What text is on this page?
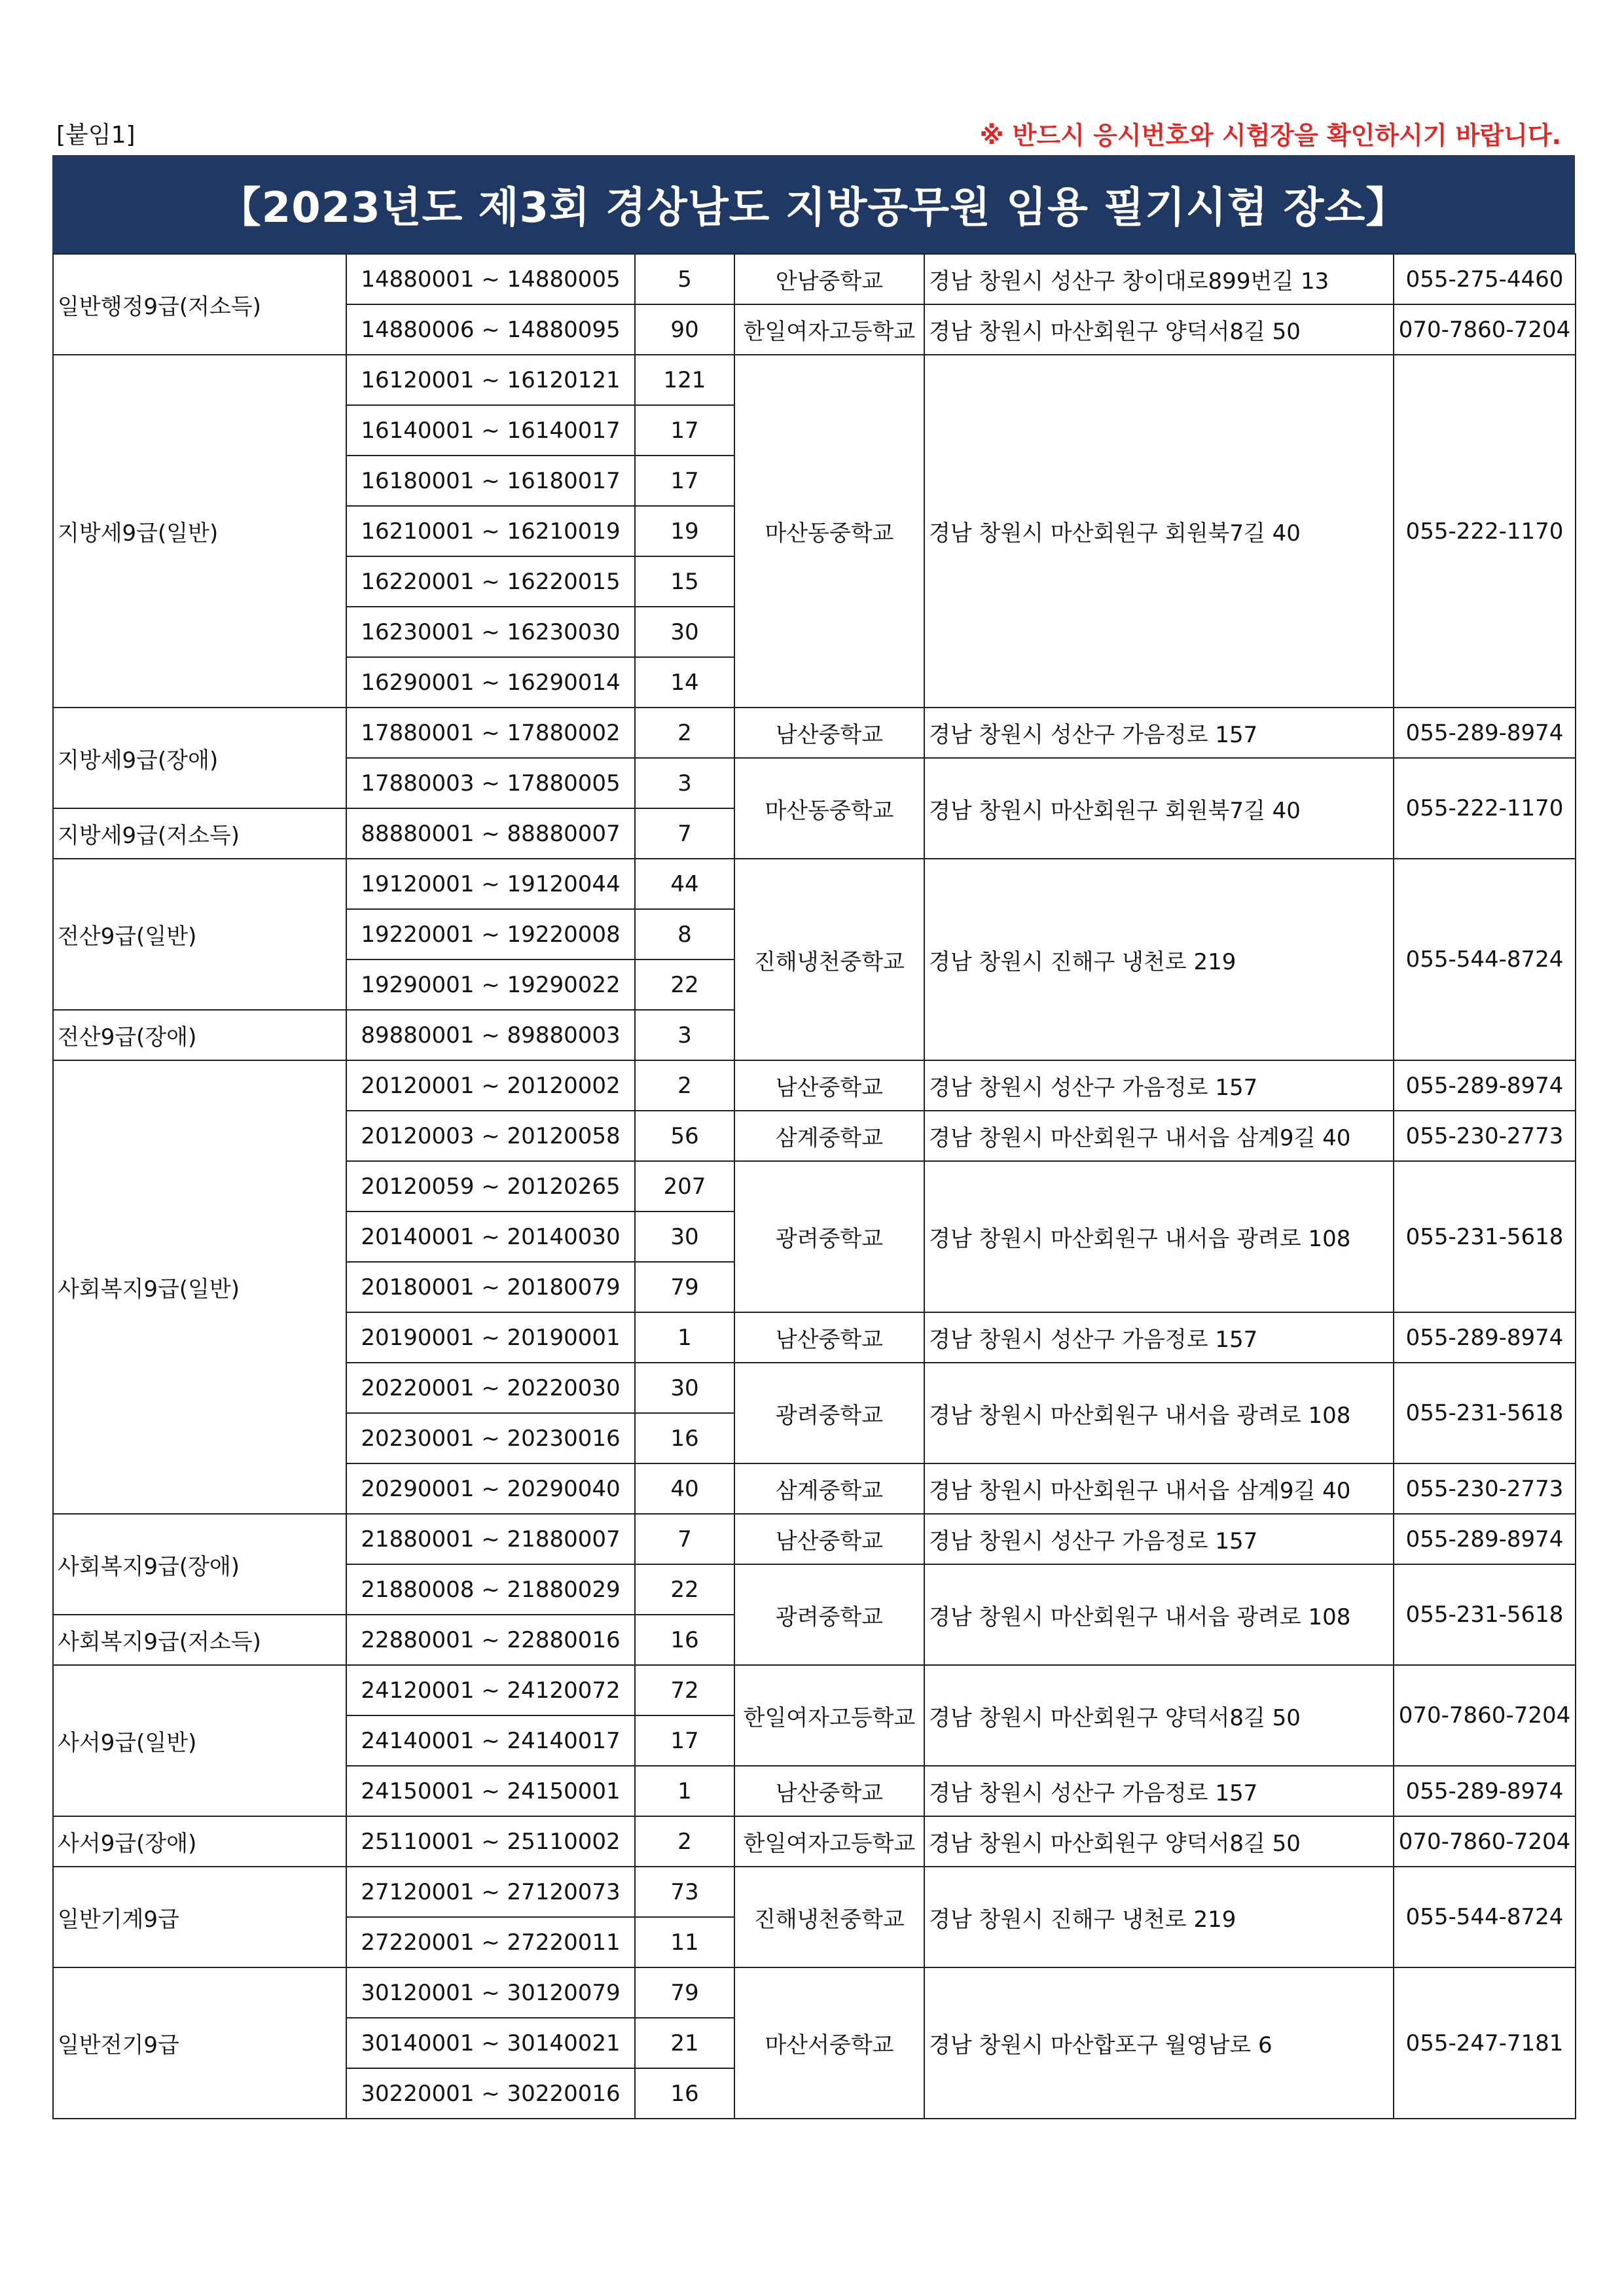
[붙임1]	※ 반드시 응시번호와 시험장을 확인하시기 바랍니다.
【2023년도 제3회 경상남도 지방공무원 임용 필기시험 장소】
일반행정9급(저소득)	14880001 ~ 14880005	5	안남중학교	경남 창원시 성산구 창이대로899번길 13	055-275-4460
	14880006 ~ 14880095	90	한일여자고등학교	경남 창원시 마산회원구 양덕서8길 50	070-7860-7204
지방세9급(일반)	16120001 ~ 16120121	121	마산동중학교	경남 창원시 마산회원구 회원북7길 40	055-222-1170
	16140001 ~ 16140017	17			
	16180001 ~ 16180017	17			
	16210001 ~ 16210019	19			
	16220001 ~ 16220015	15			
	16230001 ~ 16230030	30			
	16290001 ~ 16290014	14			
지방세9급(장애)	17880001 ~ 17880002	2	남산중학교	경남 창원시 성산구 가음정로 157	055-289-8974
	17880003 ~ 17880005	3	마산동중학교	경남 창원시 마산회원구 회원북7길 40	055-222-1170
지방세9급(저소득)	88880001 ~ 88880007	7			
전산9급(일반)	19120001 ~ 19120044	44	진해냉천중학교	경남 창원시 진해구 냉천로 219	055-544-8724
	19220001 ~ 19220008	8			
	19290001 ~ 19290022	22			
전산9급(장애)	89880001 ~ 89880003	3			
사회복지9급(일반)	20120001 ~ 20120002	2	남산중학교	경남 창원시 성산구 가음정로 157	055-289-8974
	20120003 ~ 20120058	56	삼계중학교	경남 창원시 마산회원구 내서읍 삼계9길 40	055-230-2773
	20120059 ~ 20120265	207	광려중학교	경남 창원시 마산회원구 내서읍 광려로 108	055-231-5618
	20140001 ~ 20140030	30			
	20180001 ~ 20180079	79			
	20190001 ~ 20190001	1	남산중학교	경남 창원시 성산구 가음정로 157	055-289-8974
	20220001 ~ 20220030	30	광려중학교	경남 창원시 마산회원구 내서읍 광려로 108	055-231-5618
	20230001 ~ 20230016	16			
	20290001 ~ 20290040	40	삼계중학교	경남 창원시 마산회원구 내서읍 삼계9길 40	055-230-2773
사회복지9급(장애)	21880001 ~ 21880007	7	남산중학교	경남 창원시 성산구 가음정로 157	055-289-8974
	21880008 ~ 21880029	22	광려중학교	경남 창원시 마산회원구 내서읍 광려로 108	055-231-5618
사회복지9급(저소득)	22880001 ~ 22880016	16			
사서9급(일반)	24120001 ~ 24120072	72	한일여자고등학교	경남 창원시 마산회원구 양덕서8길 50	070-7860-7204
	24140001 ~ 24140017	17			
	24150001 ~ 24150001	1	남산중학교	경남 창원시 성산구 가음정로 157	055-289-8974
사서9급(장애)	25110001 ~ 25110002	2	한일여자고등학교	경남 창원시 마산회원구 양덕서8길 50	070-7860-7204
일반기계9급	27120001 ~ 27120073	73	진해냉천중학교	경남 창원시 진해구 냉천로 219	055-544-8724
	27220001 ~ 27220011	11			
일반전기9급	30120001 ~ 30120079	79	마산서중학교	경남 창원시 마산합포구 월영남로 6	055-247-7181
	30140001 ~ 30140021	21			
	30220001 ~ 30220016	16			
